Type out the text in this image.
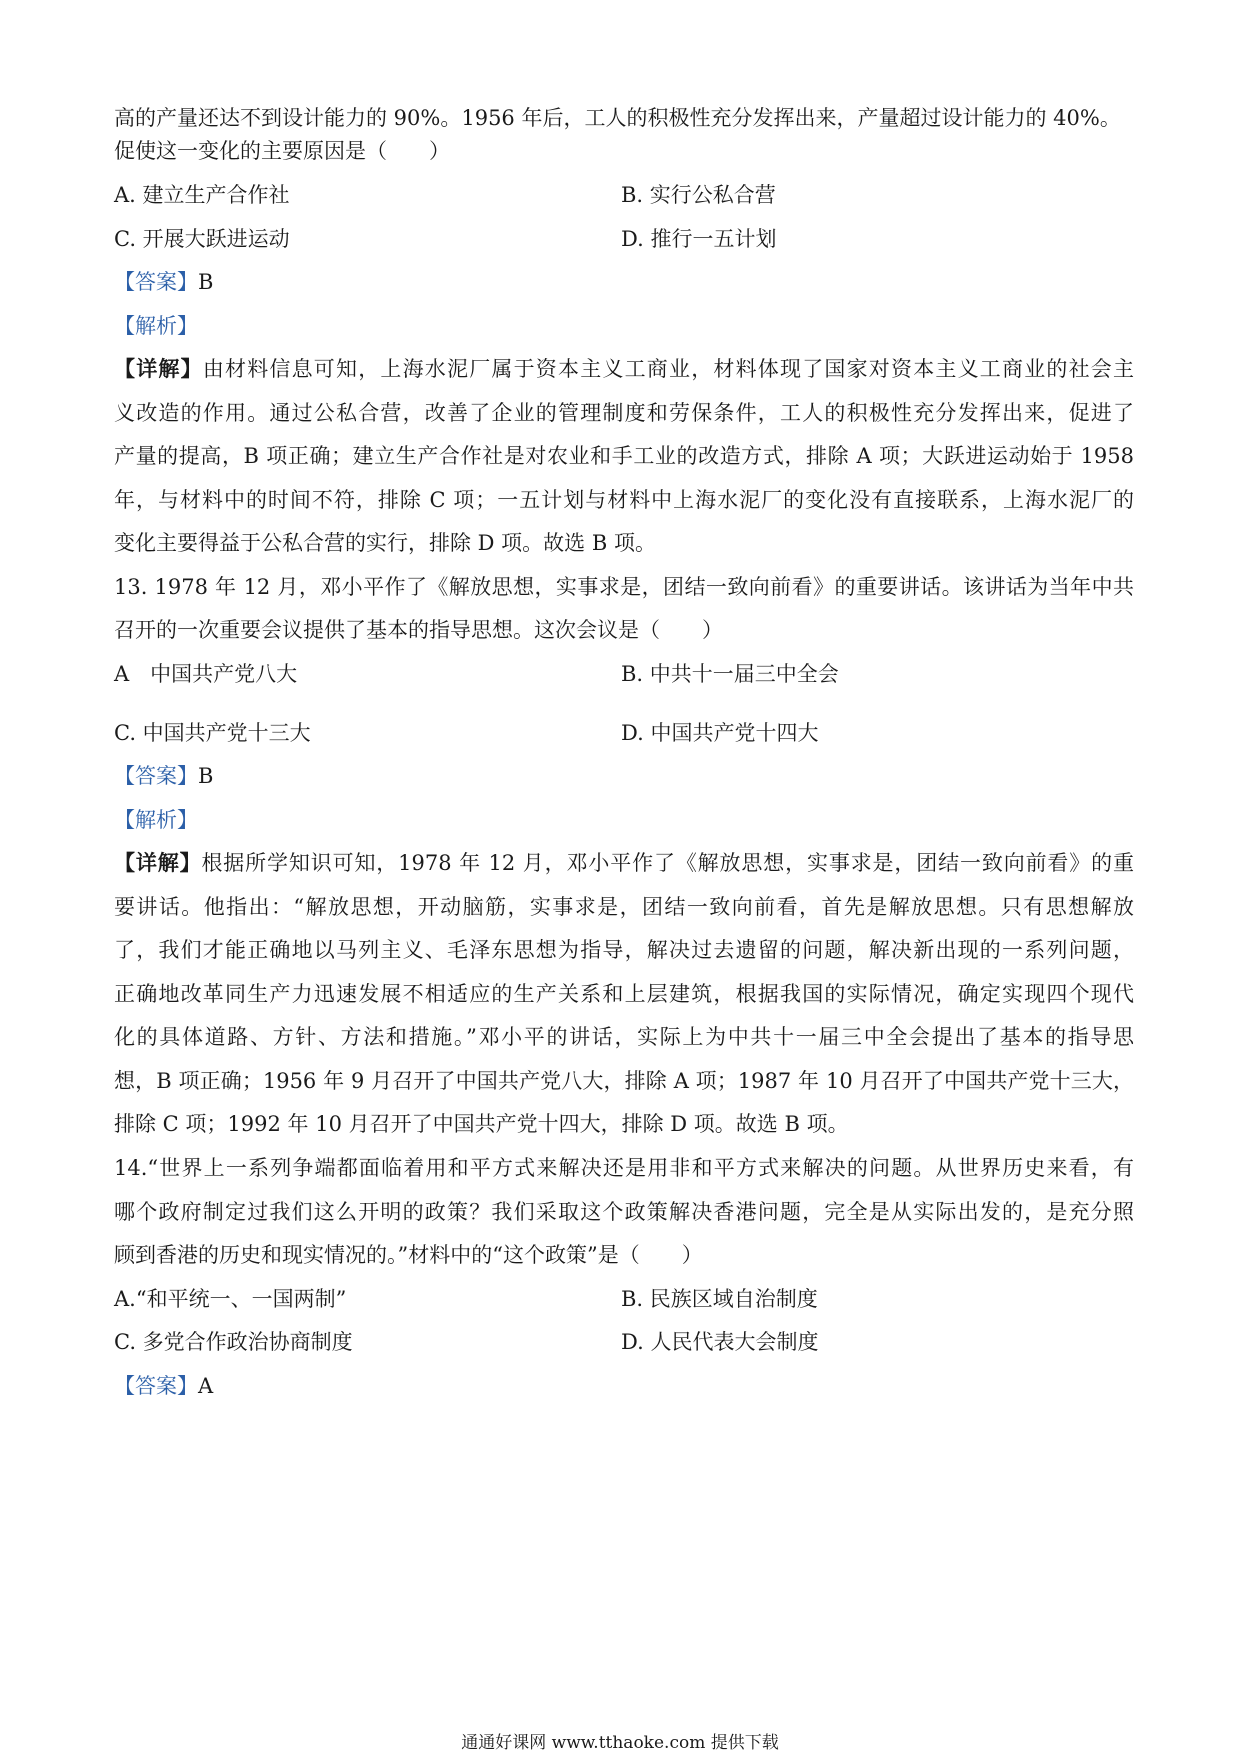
高的产量还达不到设计能力的 90%。1956 年后，工人的积极性充分发挥出来，产量超过设计能力的 40%。
促使这一变化的主要原因是（　　）
A. 建立生产合作社	B. 实行公私合营
C. 开展大跃进运动	D. 推行一五计划
【答案】B
【解析】
【详解】由材料信息可知，上海水泥厂属于资本主义工商业，材料体现了国家对资本主义工商业的社会主
义改造的作用。通过公私合营，改善了企业的管理制度和劳保条件，工人的积极性充分发挥出来，促进了
产量的提高，B 项正确；建立生产合作社是对农业和手工业的改造方式，排除 A 项；大跃进运动始于 1958
年，与材料中的时间不符，排除 C 项；一五计划与材料中上海水泥厂的变化没有直接联系，上海水泥厂的
变化主要得益于公私合营的实行，排除 D 项。故选 B 项。
13. 1978 年 12 月，邓小平作了《解放思想，实事求是，团结一致向前看》的重要讲话。该讲话为当年中共
召开的一次重要会议提供了基本的指导思想。这次会议是（　　）
A　中国共产党八大	B. 中共十一届三中全会
C. 中国共产党十三大	D. 中国共产党十四大
【答案】B
【解析】
【详解】根据所学知识可知，1978 年 12 月，邓小平作了《解放思想，实事求是，团结一致向前看》的重
要讲话。他指出：“解放思想，开动脑筋，实事求是，团结一致向前看，首先是解放思想。只有思想解放
了，我们才能正确地以马列主义、毛泽东思想为指导，解决过去遗留的问题，解决新出现的一系列问题，
正确地改革同生产力迅速发展不相适应的生产关系和上层建筑，根据我国的实际情况，确定实现四个现代
化的具体道路、方针、方法和措施。”邓小平的讲话，实际上为中共十一届三中全会提出了基本的指导思
想，B 项正确；1956 年 9 月召开了中国共产党八大，排除 A 项；1987 年 10 月召开了中国共产党十三大，
排除 C 项；1992 年 10 月召开了中国共产党十四大，排除 D 项。故选 B 项。
14.“世界上一系列争端都面临着用和平方式来解决还是用非和平方式来解决的问题。从世界历史来看，有
哪个政府制定过我们这么开明的政策？我们采取这个政策解决香港问题，完全是从实际出发的，是充分照
顾到香港的历史和现实情况的。”材料中的“这个政策”是（　　）
A.“和平统一、一国两制”	B. 民族区域自治制度
C. 多党合作政治协商制度	D. 人民代表大会制度
【答案】A
通通好课网 www.tthaoke.com 提供下载
